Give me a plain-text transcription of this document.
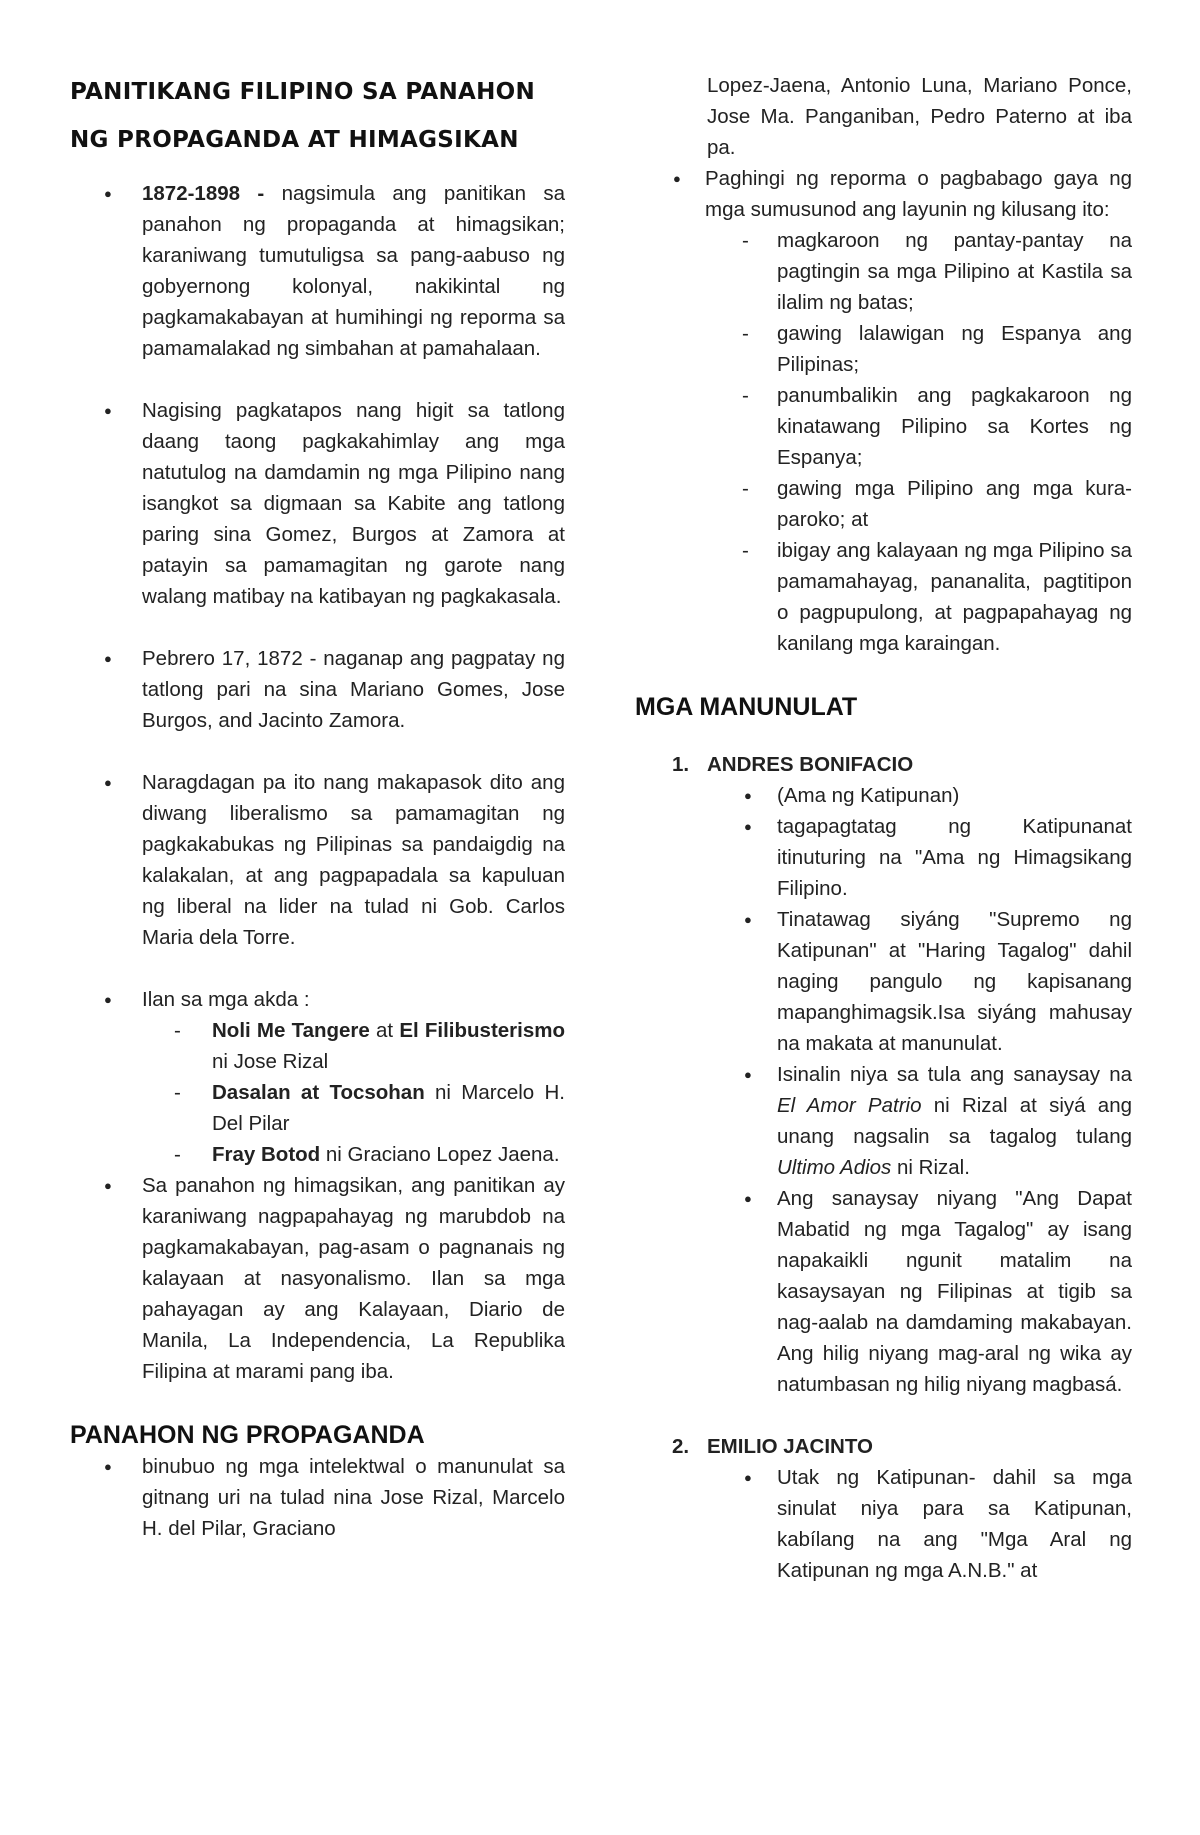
PANITIKANG FILIPINO SA PANAHON
NG PROPAGANDA AT HIMAGSIKAN
● 1872-1898 - nagsimula ang panitikan sa panahon ng propaganda at himagsikan; karaniwang tumutuligsa sa pang-aabuso ng gobyernong kolonyal, nakikintal ng pagkamakabayan at humihingi ng reporma sa pamamalakad ng simbahan at pamahalaan.
● Nagising pagkatapos nang higit sa tatlong daang taong pagkakahimlay ang mga natutulog na damdamin ng mga Pilipino nang isangkot sa digmaan sa Kabite ang tatlong paring sina Gomez, Burgos at Zamora at patayin sa pamamagitan ng garote nang walang matibay na katibayan ng pagkakasala.
● Pebrero 17, 1872 - naganap ang pagpatay ng tatlong pari na sina Mariano Gomes, Jose Burgos, and Jacinto Zamora.
● Naragdagan pa ito nang makapasok dito ang diwang liberalismo sa pamamagitan ng pagkakabukas ng Pilipinas sa pandaigdig na kalakalan, at ang pagpapadala sa kapuluan ng liberal na lider na tulad ni Gob. Carlos Maria dela Torre.
● Ilan sa mga akda :
- Noli Me Tangere at El Filibusterismo ni Jose Rizal
- Dasalan at Tocsohan ni Marcelo H. Del Pilar
- Fray Botod ni Graciano Lopez Jaena.
● Sa panahon ng himagsikan, ang panitikan ay karaniwang nagpapahayag ng marubdob na pagkamakabayan, pag-asam o pagnanais ng kalayaan at nasyonalismo. Ilan sa mga pahayagan ay ang Kalayaan, Diario de Manila, La Independencia, La Republika Filipina at marami pang iba.
PANAHON NG PROPAGANDA
● binubuo ng mga intelektwal o manunulat sa gitnang uri na tulad nina Jose Rizal, Marcelo H. del Pilar, Graciano
Lopez-Jaena, Antonio Luna, Mariano Ponce, Jose Ma. Panganiban, Pedro Paterno at iba pa.
● Paghingi ng reporma o pagbabago gaya ng mga sumusunod ang layunin ng kilusang ito:
- magkaroon ng pantay-pantay na pagtingin sa mga Pilipino at Kastila sa ilalim ng batas;
- gawing lalawigan ng Espanya ang Pilipinas;
- panumbalikin ang pagkakaroon ng kinatawang Pilipino sa Kortes ng Espanya;
- gawing mga Pilipino ang mga kura-paroko; at
- ibigay ang kalayaan ng mga Pilipino sa pamamahayag, pananalita, pagtitipon o pagpupulong, at pagpapahayag ng kanilang mga karaingan.
MGA MANUNULAT
1. ANDRES BONIFACIO
● (Ama ng Katipunan)
● tagapagtatag ng Katipunanat itinuturing na "Ama ng Himagsikang Filipino.
● Tinatawag siyáng "Supremo ng Katipunan" at "Haring Tagalog" dahil naging pangulo ng kapisanang mapanghimagsik.Isa siyáng mahusay na makata at manunulat.
● Isinalin niya sa tula ang sanaysay na El Amor Patrio ni Rizal at siyá ang unang nagsalin sa tagalog tulang Ultimo Adios ni Rizal.
● Ang sanaysay niyang "Ang Dapat Mabatid ng mga Tagalog" ay isang napakaikli ngunit matalim na kasaysayan ng Filipinas at tigib sa nag-aalab na damdaming makabayan. Ang hilig niyang mag-aral ng wika ay natumbasan ng hilig niyang magbasá.
2. EMILIO JACINTO
● Utak ng Katipunan- dahil sa mga sinulat niya para sa Katipunan, kabílang na ang "Mga Aral ng Katipunan ng mga A.N.B." at
